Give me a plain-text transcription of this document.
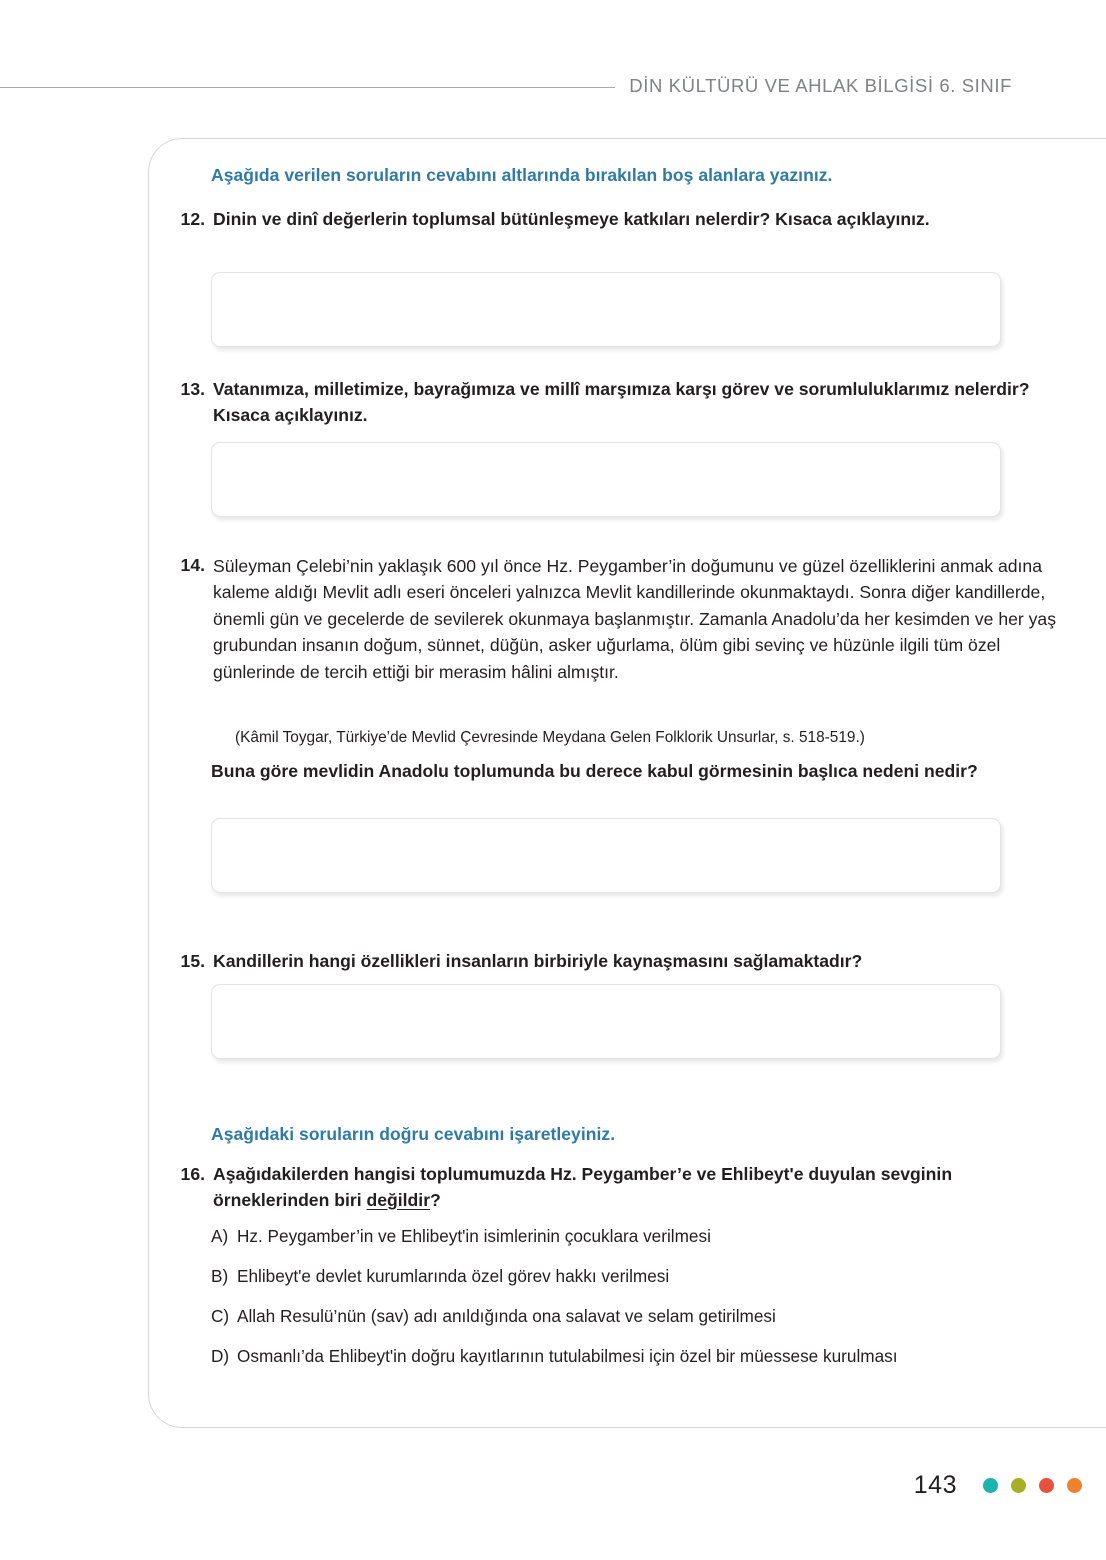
DİN KÜLTÜRÜ VE AHLAK BİLGİSİ 6. SINIF
Aşağıda verilen soruların cevabını altlarında bırakılan boş alanlara yazınız.
12. Dinin ve dinî değerlerin toplumsal bütünleşmeye katkıları nelerdir? Kısaca açıklayınız.
13. Vatanımıza, milletimize, bayrağımıza ve millî marşımıza karşı görev ve sorumluluklarımız nelerdir? Kısaca açıklayınız.
14. Süleyman Çelebi’nin yaklaşık 600 yıl önce Hz. Peygamber’in doğumunu ve güzel özelliklerini anmak adına kaleme aldığı Mevlit adlı eseri önceleri yalnızca Mevlit kandillerinde okunmaktaydı. Sonra diğer kandillerde, önemli gün ve gecelerde de sevilerek okunmaya başlanmıştır. Zamanla Anadolu’da her kesimden ve her yaş grubundan insanın doğum, sünnet, düğün, asker uğurlama, ölüm gibi sevinç ve hüzünle ilgili tüm özel günlerinde de tercih ettiği bir merasim hâlini almıştır.
(Kâmil Toygar, Türkiye’de Mevlid Çevresinde Meydana Gelen Folklorik Unsurlar, s. 518-519.)
Buna göre mevlidin Anadolu toplumunda bu derece kabul görmesinin başlıca nedeni nedir?
15. Kandillerin hangi özellikleri insanların birbiriyle kaynaşmasını sağlamaktadır?
Aşağıdaki soruların doğru cevabını işaretleyiniz.
16. Aşağıdakilerden hangisi toplumumuzda Hz. Peygamber’e ve Ehlibeyt'e duyulan sevginin örneklerinden biri değildir?
A) Hz. Peygamber’in ve Ehlibeyt'in isimlerinin çocuklara verilmesi
B) Ehlibeyt'e devlet kurumlarında özel görev hakkı verilmesi
C) Allah Resulü’nün (sav) adı anıldığında ona salavat ve selam getirilmesi
D) Osmanlı’da Ehlibeyt'in doğru kayıtlarının tutulabilmesi için özel bir müessese kurulması
143
